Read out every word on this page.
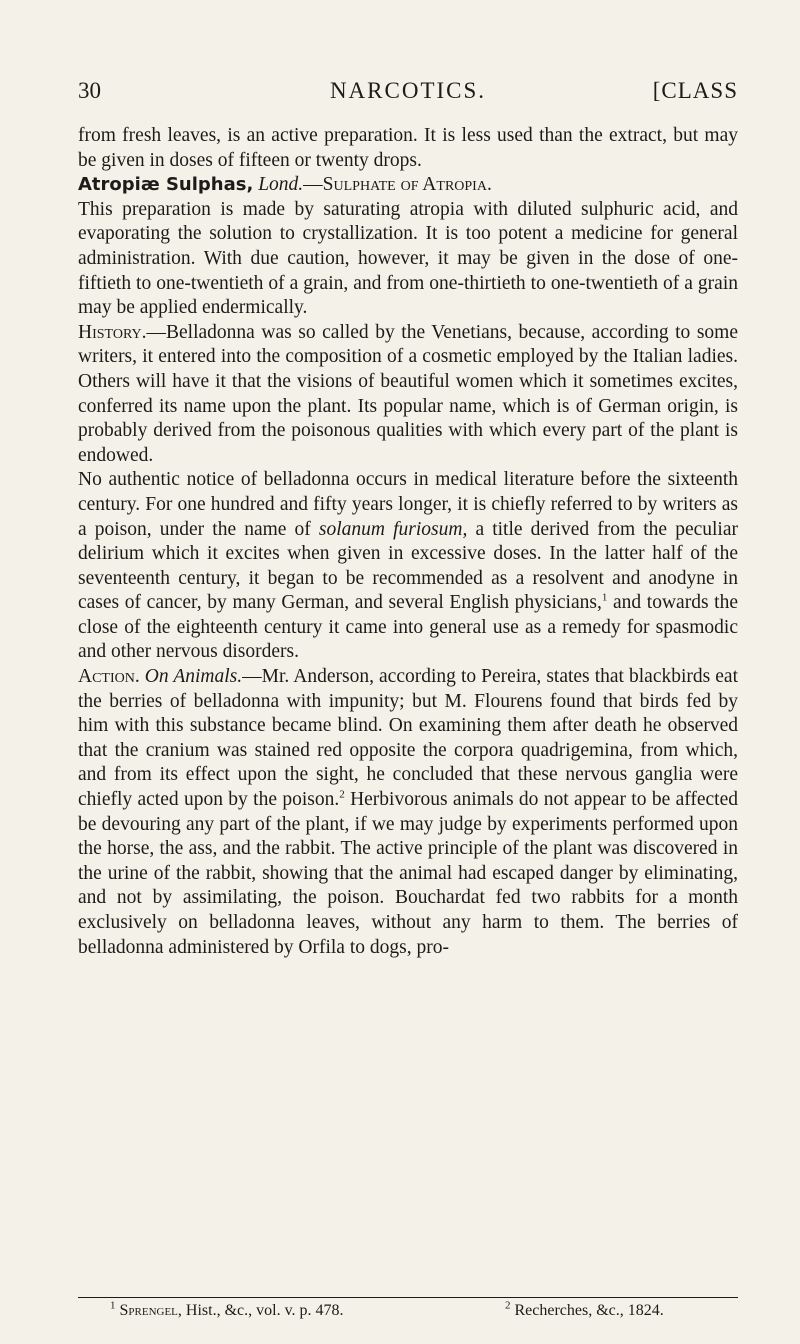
30	NARCOTICS.	[CLASS

from fresh leaves, is an active preparation. It is less used than the extract, but may be given in doses of fifteen or twenty drops.

Atropiæ Sulphas, Lond.—Sulphate of Atropia.

This preparation is made by saturating atropia with diluted sulphuric acid, and evaporating the solution to crystallization. It is too potent a medicine for general administration. With due caution, however, it may be given in the dose of one-fiftieth to one-twentieth of a grain, and from one-thirtieth to one-twentieth of a grain may be applied endermically.

History.—Belladonna was so called by the Venetians, because, according to some writers, it entered into the composition of a cosmetic employed by the Italian ladies. Others will have it that the visions of beautiful women which it sometimes excites, conferred its name upon the plant. Its popular name, which is of German origin, is probably derived from the poisonous qualities with which every part of the plant is endowed.

No authentic notice of belladonna occurs in medical literature before the sixteenth century. For one hundred and fifty years longer, it is chiefly referred to by writers as a poison, under the name of solanum furiosum, a title derived from the peculiar delirium which it excites when given in excessive doses. In the latter half of the seventeenth century, it began to be recommended as a resolvent and anodyne in cases of cancer, by many German, and several English physicians,$^1$ and towards the close of the eighteenth century it came into general use as a remedy for spasmodic and other nervous disorders.

Action. On Animals.—Mr. Anderson, according to Pereira, states that blackbirds eat the berries of belladonna with impunity; but M. Flourens found that birds fed by him with this substance became blind. On examining them after death he observed that the cranium was stained red opposite the corpora quadrigemina, from which, and from its effect upon the sight, he concluded that these nervous ganglia were chiefly acted upon by the poison.$^2$ Herbivorous animals do not appear to be affected be devouring any part of the plant, if we may judge by experiments performed upon the horse, the ass, and the rabbit. The active principle of the plant was discovered in the urine of the rabbit, showing that the animal had escaped danger by eliminating, and not by assimilating, the poison. Bouchardat fed two rabbits for a month exclusively on belladonna leaves, without any harm to them. The berries of belladonna administered by Orfila to dogs, pro-

$^1$ Sprengel, Hist., &c., vol. v. p. 478.	$^2$ Recherches, &c., 1824.
